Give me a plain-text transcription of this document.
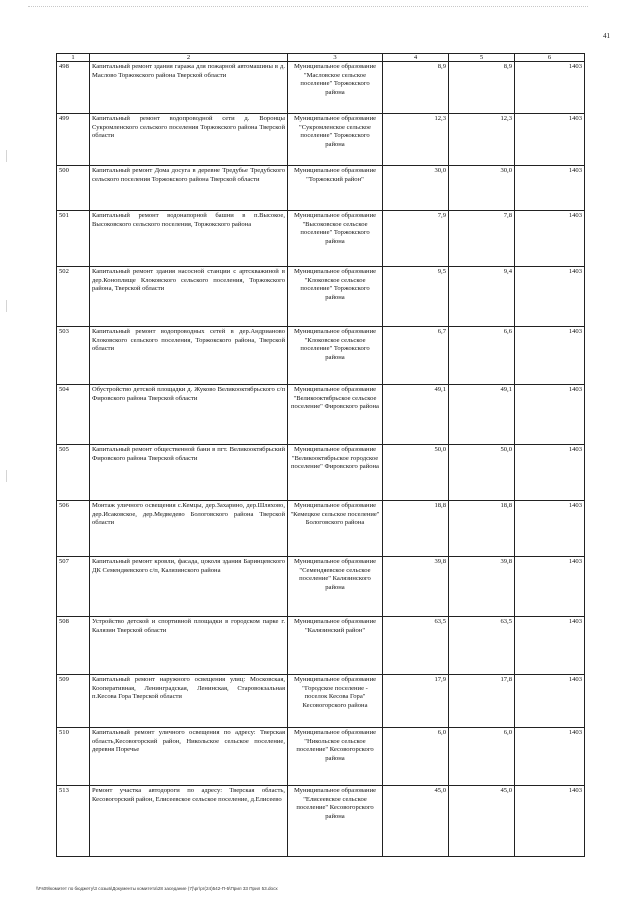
41
1	2	3	4	5	6
498	Капитальный ремонт здания гаража для пожарной автомашины в д. Маслово Торжокского района Тверской области	Муниципальное образование "Масловское сельское поселение" Торжокского района	8,9	8,9	1403
499	Капитальный ремонт водопроводной сети д. Воронцы Сукромленского сельского поселения Торжокского района Тверской области	Муниципальное образование "Сукромленское сельское поселение" Торжокского района	12,3	12,3	1403
500	Капитальный ремонт Дома досуга в деревне Тредубье Тредубского сельского поселения Торжокского района Тверской области	Муниципальное образование "Торжокский район"	30,0	30,0	1403
501	Капитальный ремонт водонапорной башни в п.Высокое, Высоковского сельского поселения, Торжокского района	Муниципальное образование "Высоковское сельское поселение" Торжокского района	7,9	7,8	1403
502	Капитальный ремонт здания насосной станции с артскважиной в дер.Коноплище Клоковского сельского поселения, Торжокского района, Тверской области	Муниципальное образование "Клоковское сельское поселение" Торжокского района	9,5	9,4	1403
503	Капитальный ремонт водопроводных сетей в дер.Андрианово Клоковского сельского поселения, Торжокского района, Тверской области	Муниципальное образование "Клоковское сельское поселение" Торжокского района	6,7	6,6	1403
504	Обустройство детской площадки д. Жуково Великооктябрьского с/п Фировского района Тверской области	Муниципальное образование "Великооктябрьское сельское поселение" Фировского района	49,1	49,1	1403
505	Капитальный ремонт общественной бани в пгт. Великооктябрьский Фировского района Тверской области	Муниципальное образование "Великооктябрьское городское поселение" Фировского района	50,0	50,0	1403
506	Монтаж уличного освещения с.Кемцы, дер.Захарино, дер.Шляхово, дер.Исаковское, дер.Медведево Бологовского района Тверской области	Муниципальное образование "Кемецкое сельское поселение" Бологовского района	18,8	18,8	1403
507	Капитальный ремонт кровли, фасада, цоколя здания Баринцевского ДК Семендяевского с/п, Калязинского района	Муниципальное образование "Семендяевское сельское поселение" Калязинского района	39,8	39,8	1403
508	Устройство детской и спортивной площадки в городском парке г. Калязин Тверской области	Муниципальное образование "Калязинский район"	63,5	63,5	1403
509	Капитальный ремонт наружного освещения улиц: Московская, Кооперативная, Ленинградская, Ленинская, Старовокзальная п.Кесова Гора Тверской области	Муниципальное образование "Городское поселение - поселок Кесова Гора" Кесовогорского района	17,9	17,8	1403
510	Капитальный ремонт уличного освещения по адресу: Тверская область,Кесовогорский район, Никольское сельское поселение, деревня Поречье	Муниципальное образование "Никольское сельское поселение" Кесовогорского района	6,0	6,0	1403
513	Ремонт участка автодороги по адресу: Тверская область, Кесовогорский район, Елисеевское сельское поселение, д.Елисеево	Муниципальное образование "Елисеевское сельское поселение" Кесовогорского района	45,0	45,0	1403
\\Fs09\комитет по бюджету\3 созыв\Документы комитета\28 заседание (7)\рг\рг(24)542-П-5\Прил 33 Прил 53.docx
